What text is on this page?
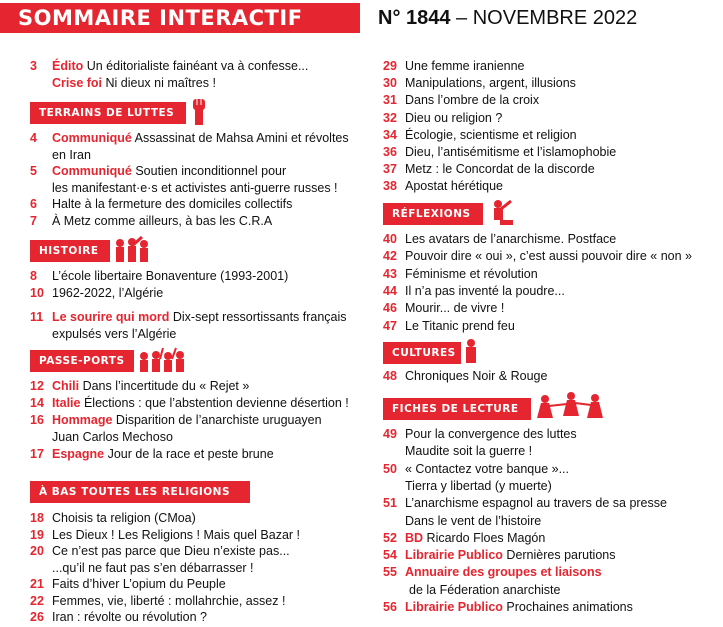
SOMMAIRE INTERACTIF	N° 1844 – NOVEMBRE 2022
3	Édito Un éditorialiste fainéant va à confesse...
Crise foi Ni dieux ni maîtres !
4	Communiqué Assassinat de Mahsa Amini et révoltes
en Iran
5	Communiqué Soutien inconditionnel pour
les manifestant·e·s et activistes anti-guerre russes !
6	Halte à la fermeture des domiciles collectifs
7	À Metz comme ailleurs, à bas les C.R.A
8	L’école libertaire Bonaventure (1993-2001)
10 1962-2022, l’Algérie
11 Le sourire qui mord Dix-sept ressortissants français
expulsés vers l’Algérie
12 Chili Dans l’incertitude du « Rejet »
14 Italie Élections : que l’abstention devienne désertion !
16 Hommage Disparition de l’anarchiste uruguayen
Juan Carlos Mechoso
17 Espagne Jour de la race et peste brune
18 Choisis ta religion (CMoa)
19 Les Dieux ! Les Religions ! Mais quel Bazar !
20 Ce n’est pas parce que Dieu n’existe pas...
...qu’il ne faut pas s’en débarrasser !
21 Faits d’hiver L’opium du Peuple
22 Femmes, vie, liberté : mollahrchie, assez !
26 Iran : révolte ou révolution ?
29 Une femme iranienne
30 Manipulations, argent, illusions
31 Dans l’ombre de la croix
32 Dieu ou religion ?
34 Écologie, scientisme et religion
36 Dieu, l’antisémitisme et l’islamophobie
37 Metz : le Concordat de la discorde
38 Apostat hérétique
40 Les avatars de l’anarchisme. Postface
42 Pouvoir dire « oui », c’est aussi pouvoir dire « non »
43 Féminisme et révolution
44 Il n’a pas inventé la poudre...
46 Mourir... de vivre !
47 Le Titanic prend feu
48 Chroniques Noir & Rouge
49 Pour la convergence des luttes
Maudite soit la guerre !
50 « Contactez votre banque »...
Tierra y libertad (y muerte)
51 L’anarchisme espagnol au travers de sa presse
Dans le vent de l’histoire
52 BD Ricardo Floes Magón
54 Librairie Publico Dernières parutions
55 Annuaire des groupes et liaisons
de la Féderation anarchiste
56 Librairie Publico Prochaines animations
TERRAINS DE LUTTES
HISTOIRE
PASSE-PORTS
À BAS TOUTES LES RELIGIONS
RÉFLEXIONS
CULTURES
FICHES DE LECTURE
